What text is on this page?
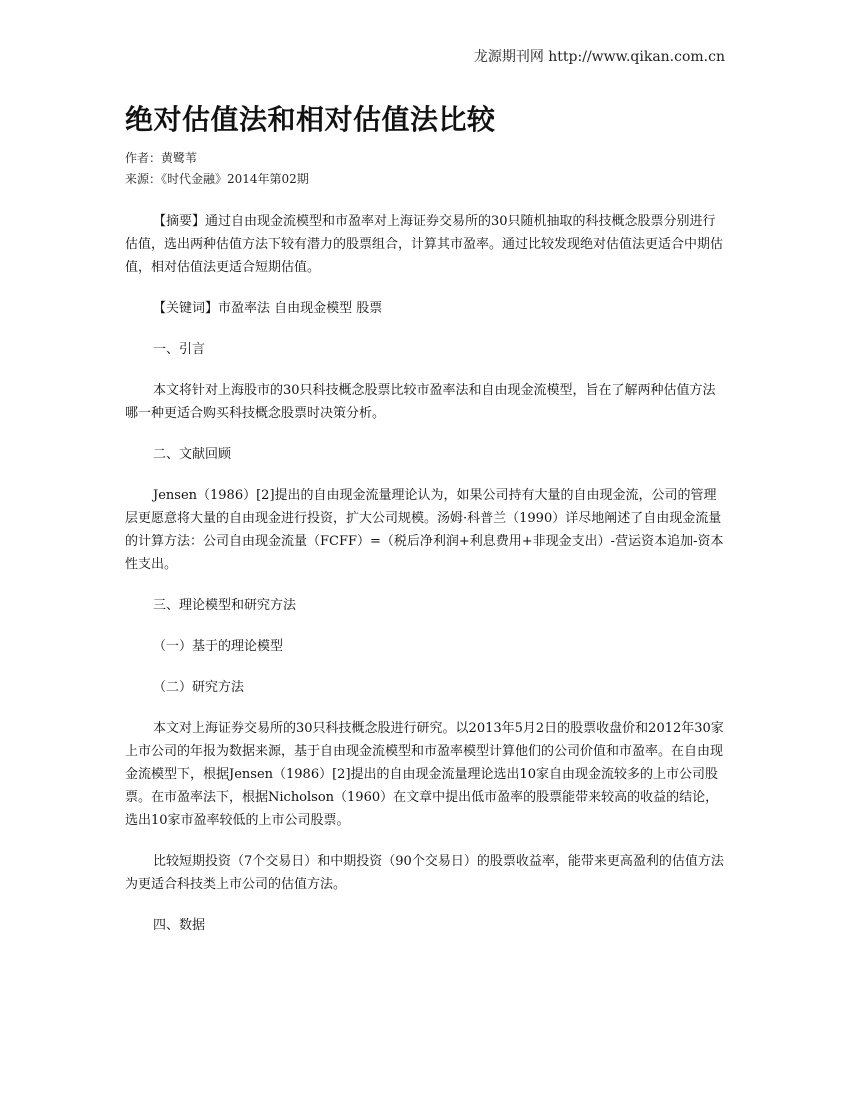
龙源期刊网 http://www.qikan.com.cn
绝对估值法和相对估值法比较
作者：黄鹭苇
来源：《时代金融》2014年第02期

【摘要】通过自由现金流模型和市盈率对上海证券交易所的30只随机抽取的科技概念股票分别进行估值，选出两种估值方法下较有潜力的股票组合，计算其市盈率。通过比较发现绝对估值法更适合中期估值，相对估值法更适合短期估值。

【关键词】市盈率法 自由现金模型 股票

一、引言

本文将针对上海股市的30只科技概念股票比较市盈率法和自由现金流模型，旨在了解两种估值方法哪一种更适合购买科技概念股票时决策分析。

二、文献回顾

Jensen（1986）[2]提出的自由现金流量理论认为，如果公司持有大量的自由现金流，公司的管理层更愿意将大量的自由现金进行投资，扩大公司规模。汤姆·科普兰（1990）详尽地阐述了自由现金流量的计算方法：公司自由现金流量（FCFF）=（税后净利润+利息费用+非现金支出）-营运资本追加-资本性支出。

三、理论模型和研究方法

（一）基于的理论模型

（二）研究方法

本文对上海证券交易所的30只科技概念股进行研究。以2013年5月2日的股票收盘价和2012年30家上市公司的年报为数据来源，基于自由现金流模型和市盈率模型计算他们的公司价值和市盈率。在自由现金流模型下，根据Jensen（1986）[2]提出的自由现金流量理论选出10家自由现金流较多的上市公司股票。在市盈率法下，根据Nicholson（1960）在文章中提出低市盈率的股票能带来较高的收益的结论，选出10家市盈率较低的上市公司股票。

比较短期投资（7个交易日）和中期投资（90个交易日）的股票收益率，能带来更高盈利的估值方法为更适合科技类上市公司的估值方法。

四、数据
